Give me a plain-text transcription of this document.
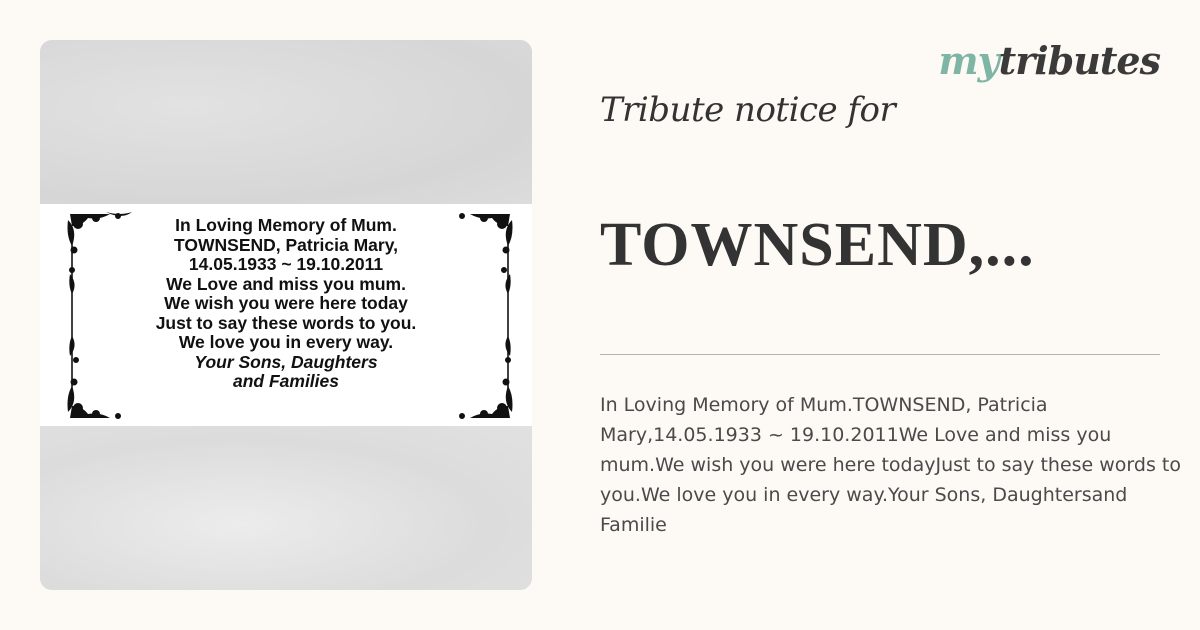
In Loving Memory of Mum.
TOWNSEND, Patricia Mary,
14.05.1933 ~ 19.10.2011
We Love and miss you mum.
We wish you were here today
Just to say these words to you.
We love you in every way.
Your Sons, Daughters
and Families
mytributes
Tribute notice for
TOWNSEND,...
In Loving Memory of Mum.TOWNSEND, Patricia Mary,14.05.1933 ~ 19.10.2011We Love and miss you mum.We wish you were here todayJust to say these words to you.We love you in every way.Your Sons, Daughtersand Familie
